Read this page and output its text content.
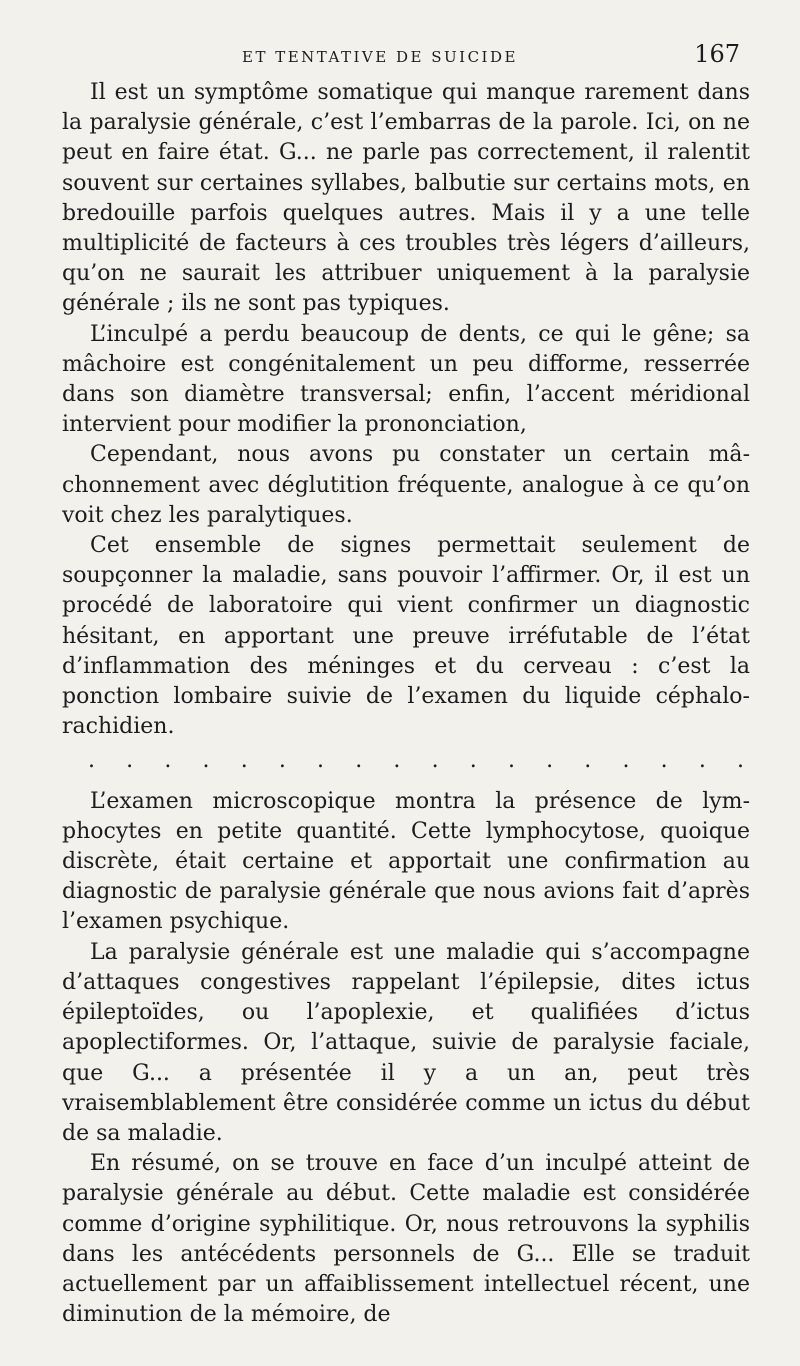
ET TENTATIVE DE SUICIDE	167

Il est un symptôme somatique qui manque rarement dans la paralysie générale, c’est l’embarras de la parole. Ici, on ne peut en faire état. G... ne parle pas correctement, il ralentit souvent sur certaines syllabes, balbutie sur certains mots, en bredouille parfois quelques autres. Mais il y a une telle multiplicité de facteurs à ces troubles très légers d’ailleurs, qu’on ne saurait les attribuer uniquement à la paralysie générale ; ils ne sont pas typiques.

L’inculpé a perdu beaucoup de dents, ce qui le gêne; sa mâchoire est congénitalement un peu difforme, resserrée dans son diamètre transversal; enfin, l’accent méridional intervient pour modifier la prononciation,

Cependant, nous avons pu constater un certain mâchonnement avec déglutition fréquente, analogue à ce qu’on voit chez les paralytiques.

Cet ensemble de signes permettait seulement de soupçonner la maladie, sans pouvoir l’affirmer. Or, il est un procédé de laboratoire qui vient confirmer un diagnostic hésitant, en apportant une preuve irréfutable de l’état d’inflammation des méninges et du cerveau : c’est la ponction lombaire suivie de l’examen du liquide céphalo-rachidien.

. . . . . . . . . . . . . . . . . .

L’examen microscopique montra la présence de lymphocytes en petite quantité. Cette lymphocytose, quoique discrète, était certaine et apportait une confirmation au diagnostic de paralysie générale que nous avions fait d’après l’examen psychique.

La paralysie générale est une maladie qui s’accompagne d’attaques congestives rappelant l’épilepsie, dites ictus épileptoïdes, ou l’apoplexie, et qualifiées d’ictus apoplectiformes. Or, l’attaque, suivie de paralysie faciale, que G... a présentée il y a un an, peut très vraisemblablement être considérée comme un ictus du début de sa maladie.

En résumé, on se trouve en face d’un inculpé atteint de paralysie générale au début. Cette maladie est considérée comme d’origine syphilitique. Or, nous retrouvons la syphilis dans les antécédents personnels de G... Elle se traduit actuellement par un affaiblissement intellectuel récent, une diminution de la mémoire, de
